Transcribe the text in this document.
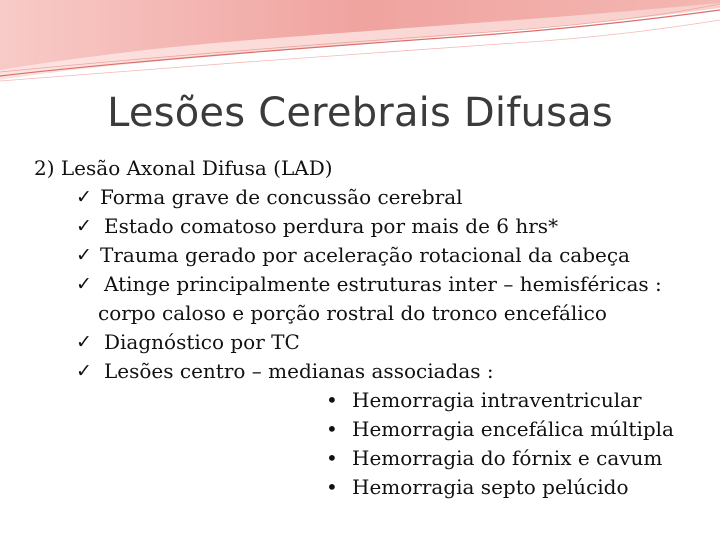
Lesões Cerebrais Difusas
2) Lesão Axonal Difusa (LAD)
✓ Forma grave de concussão cerebral
✓ Estado comatoso perdura por mais de 6 hrs*
✓ Trauma gerado por aceleração rotacional da cabeça
✓ Atinge principalmente estruturas inter – hemisféricas :
corpo caloso e porção rostral do tronco encefálico
✓ Diagnóstico por TC
✓ Lesões centro – medianas associadas :
• Hemorragia intraventricular
• Hemorragia encefálica múltipla
• Hemorragia do fórnix e cavum
• Hemorragia septo pelúcido
